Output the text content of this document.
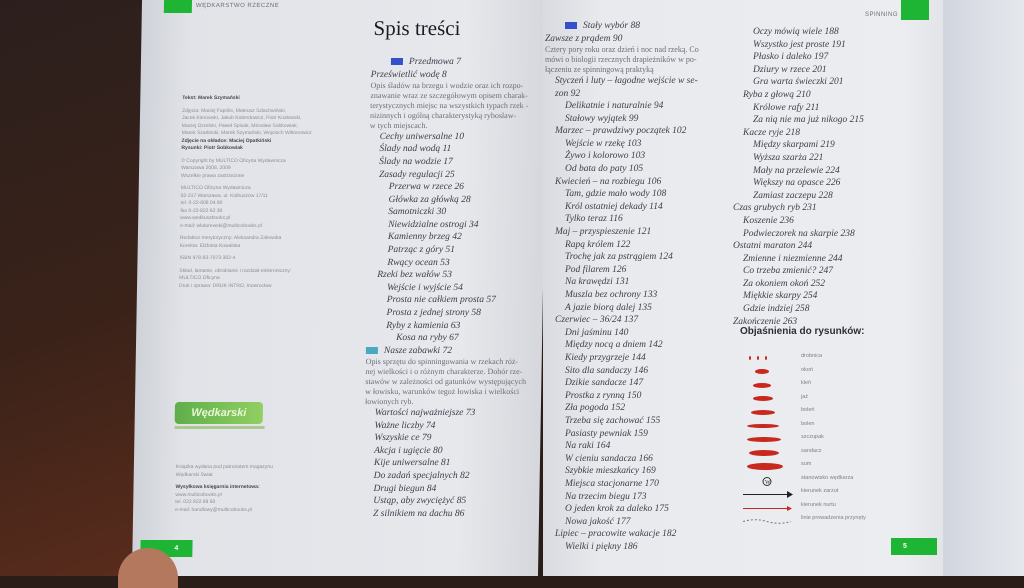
WĘDKARSTWO RZECZNE
Tekst: Marek Szymański
Zdjęcia: Maciej Faprilis, Mateusz Szlachwiński,
Jacek Kierowski, Jakub Kolendowicz, Piotr Kozłowski,
Maciej Orzelski, Paweł Spisak, Mirosław Sobkowiak,
Marek Szarlinski, Marek Szymański, Wojciech Wiktorowicz
Zdjęcie na okładce: Maciej Opatkiński
Rysunki: Piotr Sobkowiak
© Copyright by MULTICO Oficyna Wydawnicza
Warszawa 2008, 2009
Wszelkie prawa zastrzeżone
MULTICO Oficyna Wydawnicza
02-217 Warszawa, ul. Kolbuszów 17/11
tel. 0-22-608 04 80
fax 0-22-822 62 30
www.wedkuszbooks.pl
e-mail: wkdurewski@multicobooks.pl
Redaktor merytoryczny: Aleksandra Zalewska
Korekta: Elżbieta Kowalska
ISBN 978-83-7073-302-4
Skład, łamanie, obrabianie i rozdział elektroniczny:
MULTICO Oficyna
Druk i oprawa: DRUK INTRO, Inowrocław
Wędkarski
Książka wydana pod patronatem magazynu
Wędkarski Świat
Wysyłkowa księgarnia internetowa:
www.multicobooks.pl
tel. 022 822 69 60
e-mail: handlowy@multicobooks.pl
Spis treści
Przedmowa 7
Prześwietlić wodę 8
Opis śladów na brzegu i wodzie oraz ich rozpo-
znawanie wraz ze szczegółowym opisem charak-
terystycznych miejsc na wszystkich typach rzek -
nizinnych i ogólną charakterystyką ryboslaw-
w tych miejscach.
Cechy uniwersalne 10
Ślady nad wodą 11
Ślady na wodzie 17
Zasady regulacji 25
Przerwa w rzece 26
Główka za główką 28
Samotniczki 30
Niewidzialne ostrogi 34
Kamienny brzeg 42
Patrząc z góry 51
Rwący ocean 53
Rzeki bez wałów 53
Wejście i wyjście 54
Prosta nie całkiem prosta 57
Prosta z jednej strony 58
Ryby z kamienia 63
Kosa na ryby 67
Nasze zabawki 72
Opis sprzętu do spinningowania w rzekach róż-
nej wielkości i o różnym charakterze. Dobór rze-
stawów w zależności od gatunków występujących
w łowisku, warunków tegoż łowiska i wielkości
łowionych ryb.
Wartości najważniejsze 73
Ważne liczby 74
Wszyskie ce 79
Akcja i ugięcie 80
Kije uniwersalne 81
Do zadań specjalnych 82
Drugi biegun 84
Ustąp, aby zwyciężyć 85
Z silnikiem na dachu 86
4
SPINNING
Stały wybór 88
Zawsze z prądem 90
Cztery pory roku oraz dzień i noc nad rzeką. Co
mówi o biologii rzecznych drapieżników w po-
łączeniu ze spinningową praktyką
Styczeń i luty – łagodne wejście w se-
zon 92
Delikatnie i naturalnie 94
Stałowy wyjątek 99
Marzec – prawdziwy początek 102
Wejście w rzekę 103
Żywo i kolorowo 103
Od bata do paty 105
Kwiecień – na rozbiegu 106
Tam, gdzie mało wody 108
Król ostatniej dekady 114
Tylko teraz 116
Maj – przyspieszenie 121
Rapą królem 122
Trochę jak za pstrągiem 124
Pod filarem 126
Na krawędzi 131
Muszla bez ochrony 133
A jazie biorą dalej 135
Czerwiec – 36/24 137
Dni jaśminu 140
Między nocą a dniem 142
Kiedy przygrzeje 144
Sito dla sandaczy 146
Dzikie sandacze 147
Prostka z rynną 150
Zła pogoda 152
Trzeba się zachować 155
Pasiasty pewniak 159
Na raki 164
W cieniu sandacza 166
Szybkie mieszkańcy 169
Miejsca stacjonarne 170
Na trzecim biegu 173
O jeden krok za daleko 175
Nowa jakość 177
Lipiec – pracowite wakacje 182
Wielki i piękny 186
Oczy mówią wiele 188
Wszystko jest proste 191
Płasko i daleko 197
Dziury w rzece 201
Gra warta świeczki 201
Ryba z głową 210
Królowe rafy 211
Za nią nie ma już nikogo 215
Kacze ryje 218
Między skarpami 219
Wyższa szarża 221
Mały na przelewie 224
Większy na opasce 226
Zamiast zaczepu 228
Czas grubych ryb 231
Koszenie 236
Podwieczorek na skarpie 238
Ostatni maraton 244
Zmienne i niezmienne 244
Co trzeba zmienić? 247
Za okoniem okoń 252
Miękkie skarpy 254
Gdzie indziej 258
Zakończenie 263
Objaśnienia do rysunków:
drobnica
okoń
kleń
jaź
boleń
bolen
szczupak
sandacz
sum
W
stanowisko wędkarza
kierunek zarzut
kierunek nurtu
linie prowadzenia przynęty
5
